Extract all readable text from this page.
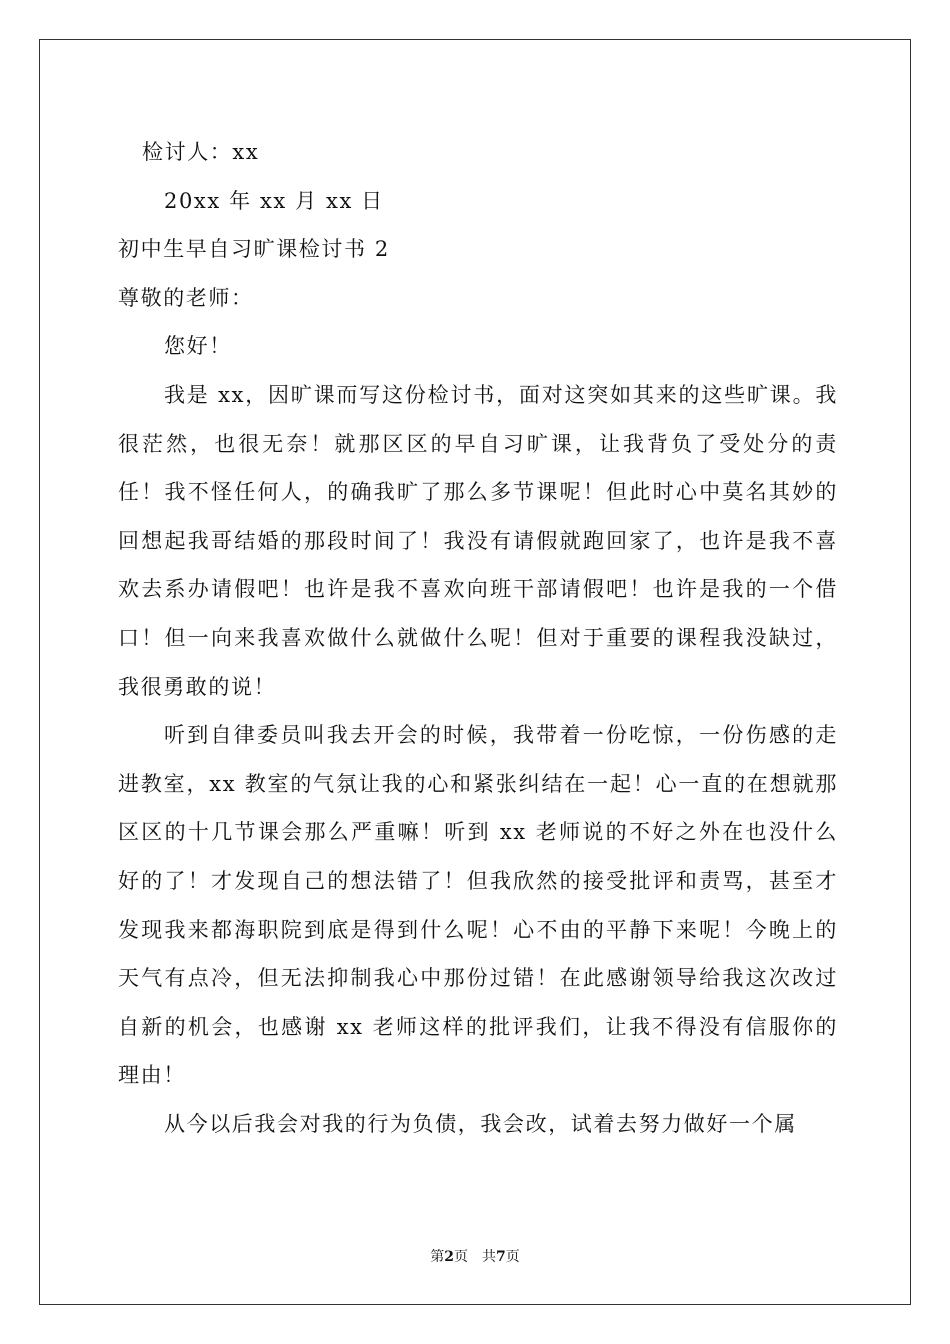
检讨人：xx
20xx 年 xx 月 xx 日
初中生早自习旷课检讨书 2
尊敬的老师：
您好！

我是 xx，因旷课而写这份检讨书，面对这突如其来的这些旷课。我很茫然，也很无奈！就那区区的早自习旷课，让我背负了受处分的责任！我不怪任何人，的确我旷了那么多节课呢！但此时心中莫名其妙的回想起我哥结婚的那段时间了！我没有请假就跑回家了，也许是我不喜欢去系办请假吧！也许是我不喜欢向班干部请假吧！也许是我的一个借口！但一向来我喜欢做什么就做什么呢！但对于重要的课程我没缺过，我很勇敢的说！

听到自律委员叫我去开会的时候，我带着一份吃惊，一份伤感的走进教室，xx 教室的气氛让我的心和紧张纠结在一起！心一直的在想就那区区的十几节课会那么严重嘛！听到 xx 老师说的不好之外在也没什么好的了！才发现自己的想法错了！但我欣然的接受批评和责骂，甚至才发现我来都海职院到底是得到什么呢！心不由的平静下来呢！今晚上的天气有点冷，但无法抑制我心中那份过错！在此感谢领导给我这次改过自新的机会，也感谢 xx 老师这样的批评我们，让我不得没有信服你的理由！

从今以后我会对我的行为负债，我会改，试着去努力做好一个属

第2页　共7页
